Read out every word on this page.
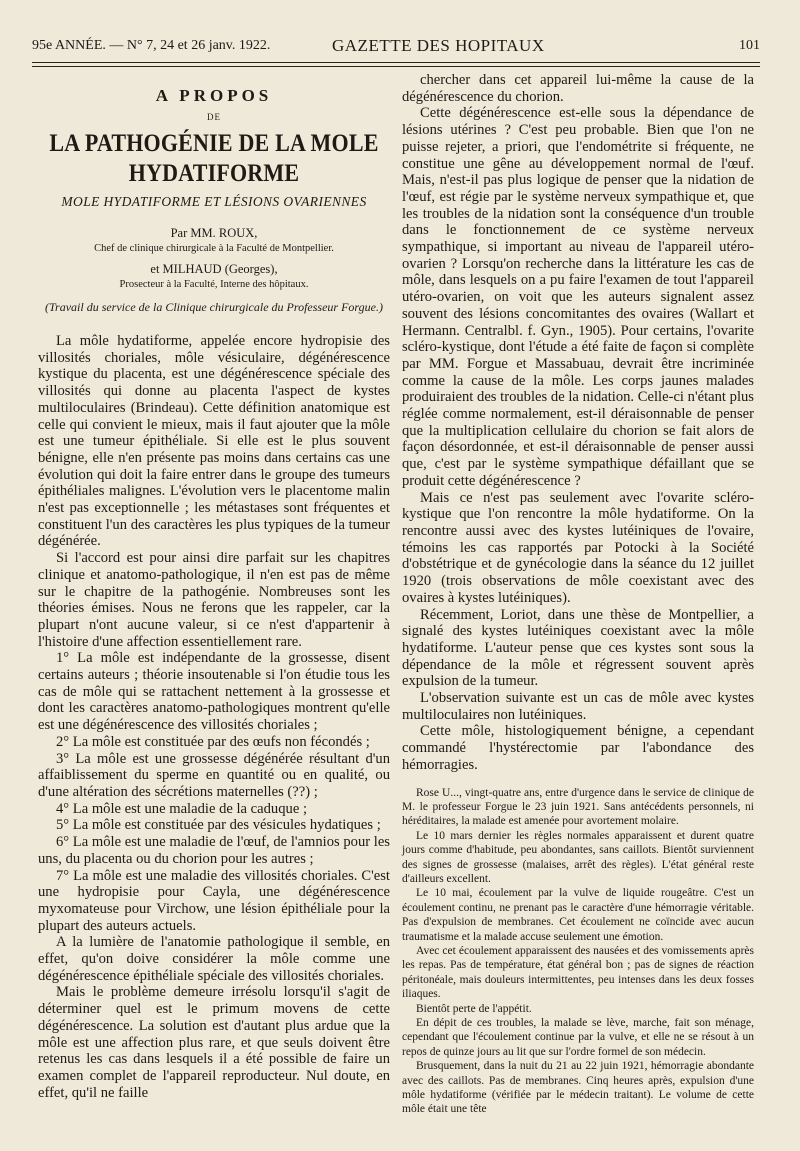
95e ANNÉE. — N° 7, 24 et 26 janv. 1922.	GAZETTE DES HOPITAUX	101
A PROPOS
DE
LA PATHOGÉNIE DE LA MOLE HYDATIFORME
MOLE HYDATIFORME ET LÉSIONS OVARIENNES
Par MM. ROUX,
Chef de clinique chirurgicale à la Faculté de Montpellier.
et MILHAUD (Georges),
Prosecteur à la Faculté, Interne des hôpitaux.
(Travail du service de la Clinique chirurgicale du Professeur Forgue.)

La môle hydatiforme, appelée encore hydropisie des villosités choriales, môle vésiculaire, dégénérescence kystique du placenta, est une dégénérescence spéciale des villosités qui donne au placenta l'aspect de kystes multiloculaires (Brindeau). Cette définition anatomique est celle qui convient le mieux, mais il faut ajouter que la môle est une tumeur épithéliale. Si elle est le plus souvent bénigne, elle n'en présente pas moins dans certains cas une évolution qui doit la faire entrer dans le groupe des tumeurs épithéliales malignes. L'évolution vers le placentome malin n'est pas exceptionnelle ; les métastases sont fréquentes et constituent l'un des caractères les plus typiques de la tumeur dégénérée.

Si l'accord est pour ainsi dire parfait sur les chapitres clinique et anatomo-pathologique, il n'en est pas de même sur le chapitre de la pathogénie. Nombreuses sont les théories émises. Nous ne ferons que les rappeler, car la plupart n'ont aucune valeur, si ce n'est d'appartenir à l'histoire d'une affection essentiellement rare.

1° La môle est indépendante de la grossesse, disent certains auteurs ; théorie insoutenable si l'on étudie tous les cas de môle qui se rattachent nettement à la grossesse et dont les caractères anatomo-pathologiques montrent qu'elle est une dégénérescence des villosités choriales ;

2° La môle est constituée par des œufs non fécondés ;

3° La môle est une grossesse dégénérée résultant d'un affaiblissement du sperme en quantité ou en qualité, ou d'une altération des sécrétions maternelles (??) ;

4° La môle est une maladie de la caduque ;

5° La môle est constituée par des vésicules hydatiques ;

6° La môle est une maladie de l'œuf, de l'amnios pour les uns, du placenta ou du chorion pour les autres ;

7° La môle est une maladie des villosités choriales. C'est une hydropisie pour Cayla, une dégénérescence myxomateuse pour Virchow, une lésion épithéliale pour la plupart des auteurs actuels.

A la lumière de l'anatomie pathologique il semble, en effet, qu'on doive considérer la môle comme une dégénérescence épithéliale spéciale des villosités choriales.

Mais le problème demeure irrésolu lorsqu'il s'agit de déterminer quel est le primum movens de cette dégénérescence. La solution est d'autant plus ardue que la môle est une affection plus rare, et que seuls doivent être retenus les cas dans lesquels il a été possible de faire un examen complet de l'appareil reproducteur. Nul doute, en effet, qu'il ne faille

chercher dans cet appareil lui-même la cause de la dégénérescence du chorion.

Cette dégénérescence est-elle sous la dépendance de lésions utérines ? C'est peu probable. Bien que l'on ne puisse rejeter, a priori, que l'endométrite si fréquente, ne constitue une gêne au développement normal de l'œuf. Mais, n'est-il pas plus logique de penser que la nidation de l'œuf, est régie par le système nerveux sympathique et, que les troubles de la nidation sont la conséquence d'un trouble dans le fonctionnement de ce système nerveux sympathique, si important au niveau de l'appareil utéro-ovarien ? Lorsqu'on recherche dans la littérature les cas de môle, dans lesquels on a pu faire l'examen de tout l'appareil utéro-ovarien, on voit que les auteurs signalent assez souvent des lésions concomitantes des ovaires (Wallart et Hermann. Centralbl. f. Gyn., 1905). Pour certains, l'ovarite scléro-kystique, dont l'étude a été faite de façon si complète par MM. Forgue et Massabuau, devrait être incriminée comme la cause de la môle. Les corps jaunes malades produiraient des troubles de la nidation. Celle-ci n'étant plus réglée comme normalement, est-il déraisonnable de penser que la multiplication cellulaire du chorion se fait alors de façon désordonnée, et est-il déraisonnable de penser aussi que, c'est par le système sympathique défaillant que se produit cette dégénérescence ?

Mais ce n'est pas seulement avec l'ovarite scléro-kystique que l'on rencontre la môle hydatiforme. On la rencontre aussi avec des kystes lutéiniques de l'ovaire, témoins les cas rapportés par Potocki à la Société d'obstétrique et de gynécologie dans la séance du 12 juillet 1920 (trois observations de môle coexistant avec des ovaires à kystes lutéiniques).

Récemment, Loriot, dans une thèse de Montpellier, a signalé des kystes lutéiniques coexistant avec la môle hydatiforme. L'auteur pense que ces kystes sont sous la dépendance de la môle et régressent souvent après expulsion de la tumeur.

L'observation suivante est un cas de môle avec kystes multiloculaires non lutéiniques.

Cette môle, histologiquement bénigne, a cependant commandé l'hystérectomie par l'abondance des hémorragies.

Rose U..., vingt-quatre ans, entre d'urgence dans le service de clinique de M. le professeur Forgue le 23 juin 1921. Sans antécédents personnels, ni héréditaires, la malade est amenée pour avortement molaire.

Le 10 mars dernier les règles normales apparaissent et durent quatre jours comme d'habitude, peu abondantes, sans caillots. Bientôt surviennent des signes de grossesse (malaises, arrêt des règles). L'état général reste d'ailleurs excellent.

Le 10 mai, écoulement par la vulve de liquide rougeâtre. C'est un écoulement continu, ne prenant pas le caractère d'une hémorragie véritable. Pas d'expulsion de membranes. Cet écoulement ne coïncide avec aucun traumatisme et la malade accuse seulement une émotion.

Avec cet écoulement apparaissent des nausées et des vomissements après les repas. Pas de température, état général bon ; pas de signes de réaction péritonéale, mais douleurs intermittentes, peu intenses dans les deux fosses iliaques.

Bientôt perte de l'appétit.

En dépit de ces troubles, la malade se lève, marche, fait son ménage, cependant que l'écoulement continue par la vulve, et elle ne se résout à un repos de quinze jours au lit que sur l'ordre formel de son médecin.

Brusquement, dans la nuit du 21 au 22 juin 1921, hémorragie abondante avec des caillots. Pas de membranes. Cinq heures après, expulsion d'une môle hydatiforme (vérifiée par le médecin traitant). Le volume de cette môle était une tête
